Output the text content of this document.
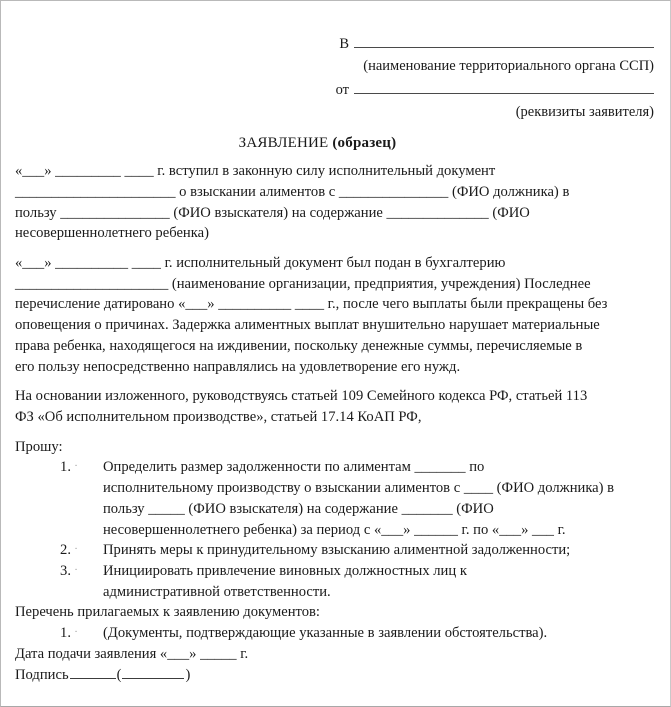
В
(наименование территориального органа ССП)
от
(реквизиты заявителя)
ЗАЯВЛЕНИЕ (образец)

«___» _________ ____ г. вступил в законную силу исполнительный документ

______________________ о взыскании алиментов с _______________ (ФИО должника) в

пользу _______________ (ФИО взыскателя) на содержание ______________ (ФИО

несовершеннолетнего ребенка)

«___» __________ ____ г. исполнительный документ был подан в бухгалтерию

_____________________ (наименование организации, предприятия, учреждения) Последнее

перечисление датировано «___» __________ ____ г., после чего выплаты были прекращены без

оповещения о причинах. Задержка алиментных выплат внушительно нарушает материальные

права ребенка, находящегося на иждивении, поскольку денежные суммы, перечисляемые в

его пользу непосредственно направлялись на удовлетворение его нужд.

На основании изложенного, руководствуясь статьей 109 Семейного кодекса РФ, статьей 113

ФЗ «Об исполнительном производстве», статьей 17.14 КоАП РФ,

Прошу:

1. ·	Определить размер задолженности по алиментам _______ по
исполнительному производству о взыскании алиментов с ____ (ФИО должника) в
пользу _____ (ФИО взыскателя) на содержание _______ (ФИО
несовершеннолетнего ребенка) за период с «___» ______ г. по «___» ___ г.
2. ·	Принять меры к принудительному взысканию алиментной задолженности;
3. ·	Инициировать привлечение виновных должностных лиц к
административной ответственности.

Перечень прилагаемых к заявлению документов:

1. ·	(Документы, подтверждающие указанные в заявлении обстоятельства).

Дата подачи заявления «___» _____ г.

Подпись	(	)
